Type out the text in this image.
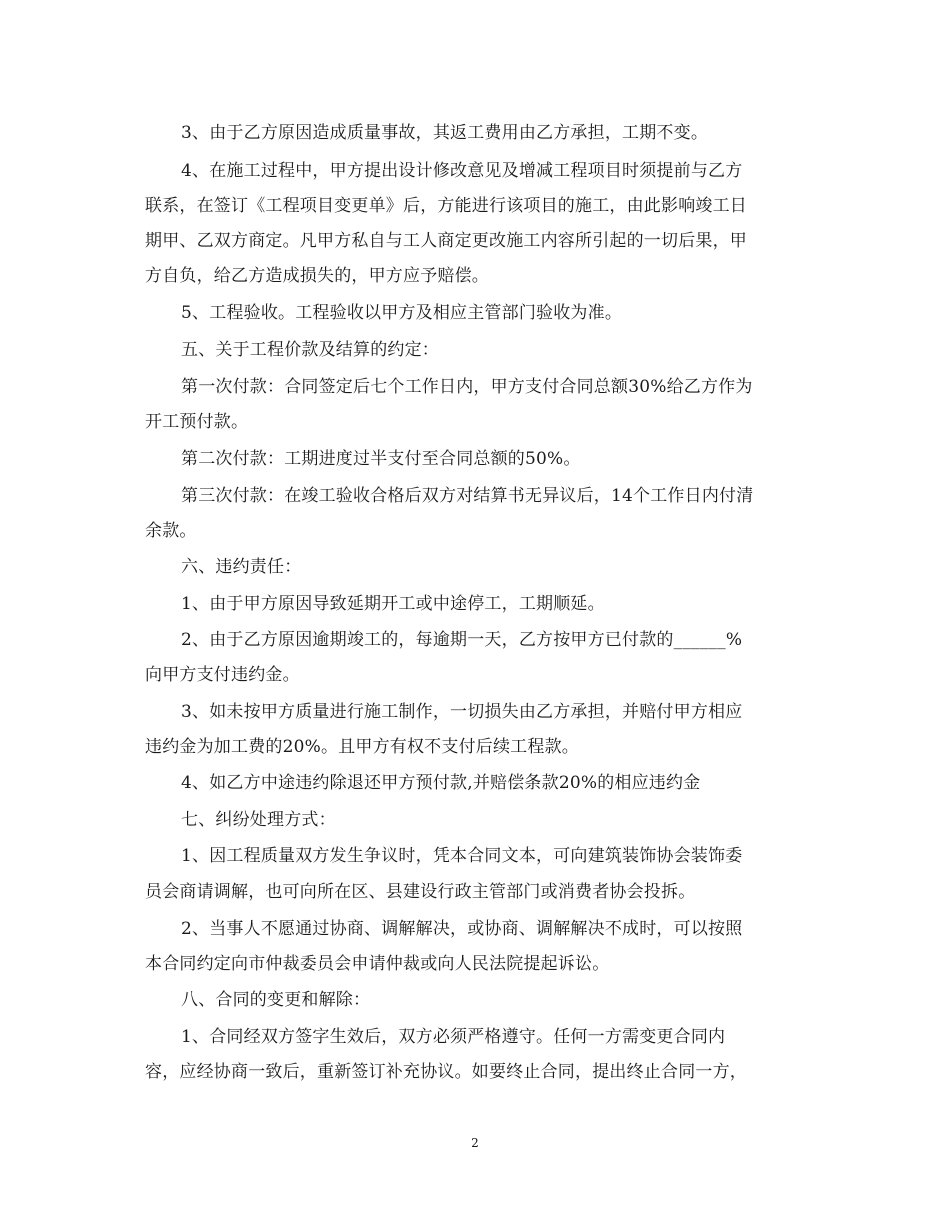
3、由于乙方原因造成质量事故，其返工费用由乙方承担，工期不变。
4、在施工过程中，甲方提出设计修改意见及增减工程项目时须提前与乙方
联系，在签订《工程项目变更单》后，方能进行该项目的施工，由此影响竣工日
期甲、乙双方商定。凡甲方私自与工人商定更改施工内容所引起的一切后果，甲
方自负，给乙方造成损失的，甲方应予赔偿。
5、工程验收。工程验收以甲方及相应主管部门验收为准。
五、关于工程价款及结算的约定：
第一次付款：合同签定后七个工作日内，甲方支付合同总额30%给乙方作为
开工预付款。
第二次付款：工期进度过半支付至合同总额的50%。
第三次付款：在竣工验收合格后双方对结算书无异议后，14个工作日内付清
余款。
六、违约责任：
1、由于甲方原因导致延期开工或中途停工，工期顺延。
2、由于乙方原因逾期竣工的，每逾期一天，乙方按甲方已付款的______%
向甲方支付违约金。
3、如未按甲方质量进行施工制作，一切损失由乙方承担，并赔付甲方相应
违约金为加工费的20%。且甲方有权不支付后续工程款。
4、如乙方中途违约除退还甲方预付款,并赔偿条款20%的相应违约金
七、纠纷处理方式：
1、因工程质量双方发生争议时，凭本合同文本，可向建筑装饰协会装饰委
员会商请调解，也可向所在区、县建设行政主管部门或消费者协会投拆。
2、当事人不愿通过协商、调解解决，或协商、调解解决不成时，可以按照
本合同约定向市仲裁委员会申请仲裁或向人民法院提起诉讼。
八、合同的变更和解除：
1、合同经双方签字生效后，双方必须严格遵守。任何一方需变更合同内
容，应经协商一致后，重新签订补充协议。如要终止合同，提出终止合同一方，
2
